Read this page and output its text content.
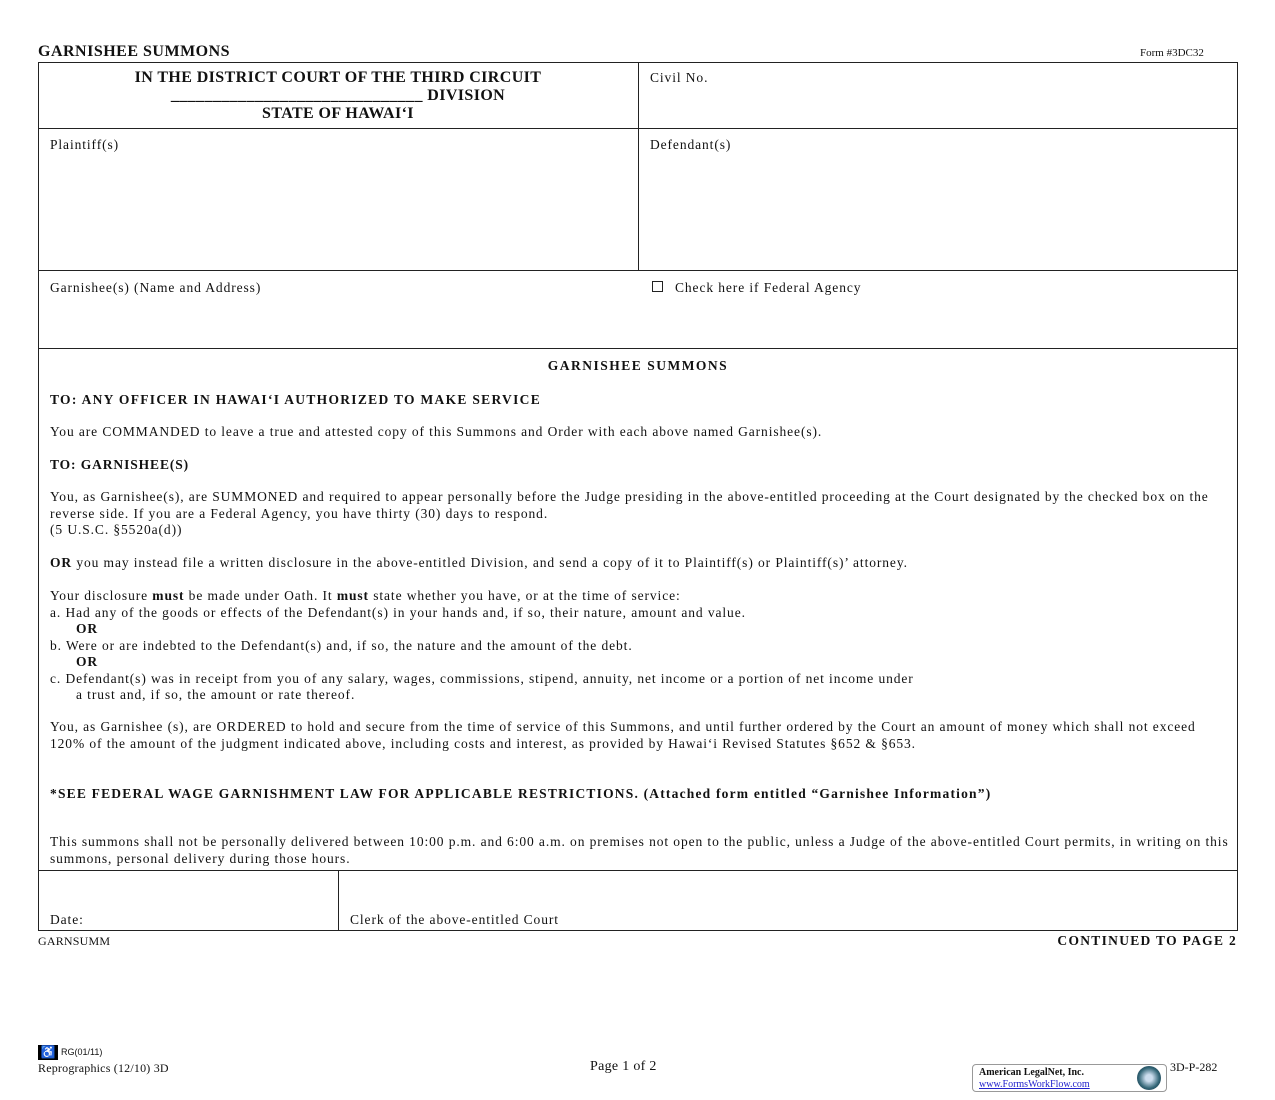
GARNISHEE SUMMONS	Form #3DC32
IN THE DISTRICT COURT OF THE THIRD CIRCUIT
______________________________ DIVISION
STATE OF HAWAI‘I
Civil No.
Plaintiff(s)	Defendant(s)
Garnishee(s) (Name and Address)	Check here if Federal Agency
GARNISHEE SUMMONS
TO: ANY OFFICER IN HAWAI‘I AUTHORIZED TO MAKE SERVICE
You are COMMANDED to leave a true and attested copy of this Summons and Order with each above named Garnishee(s).
TO: GARNISHEE(S)
You, as Garnishee(s), are SUMMONED and required to appear personally before the Judge presiding in the above-entitled proceeding at the Court designated by the checked box on the reverse side. If you are a Federal Agency, you have thirty (30) days to respond.
(5 U.S.C. §5520a(d))
OR you may instead file a written disclosure in the above-entitled Division, and send a copy of it to Plaintiff(s) or Plaintiff(s)’ attorney.
Your disclosure must be made under Oath. It must state whether you have, or at the time of service:
a. Had any of the goods or effects of the Defendant(s) in your hands and, if so, their nature, amount and value.
OR
b. Were or are indebted to the Defendant(s) and, if so, the nature and the amount of the debt.
OR
c. Defendant(s) was in receipt from you of any salary, wages, commissions, stipend, annuity, net income or a portion of net income under
a trust and, if so, the amount or rate thereof.
You, as Garnishee (s), are ORDERED to hold and secure from the time of service of this Summons, and until further ordered by the Court an amount of money which shall not exceed 120% of the amount of the judgment indicated above, including costs and interest, as provided by Hawai‘i Revised Statutes §652 & §653.
*SEE FEDERAL WAGE GARNISHMENT LAW FOR APPLICABLE RESTRICTIONS. (Attached form entitled “Garnishee Information”)
This summons shall not be personally delivered between 10:00 p.m. and 6:00 a.m. on premises not open to the public, unless a Judge of the above-entitled Court permits, in writing on this summons, personal delivery during those hours.
Date:	Clerk of the above-entitled Court
GARNSUMM	CONTINUED TO PAGE 2
♿ RG(01/11)
Reprographics (12/10) 3D	Page 1 of 2	American LegalNet, Inc.
www.FormsWorkFlow.com
3D-P-282
